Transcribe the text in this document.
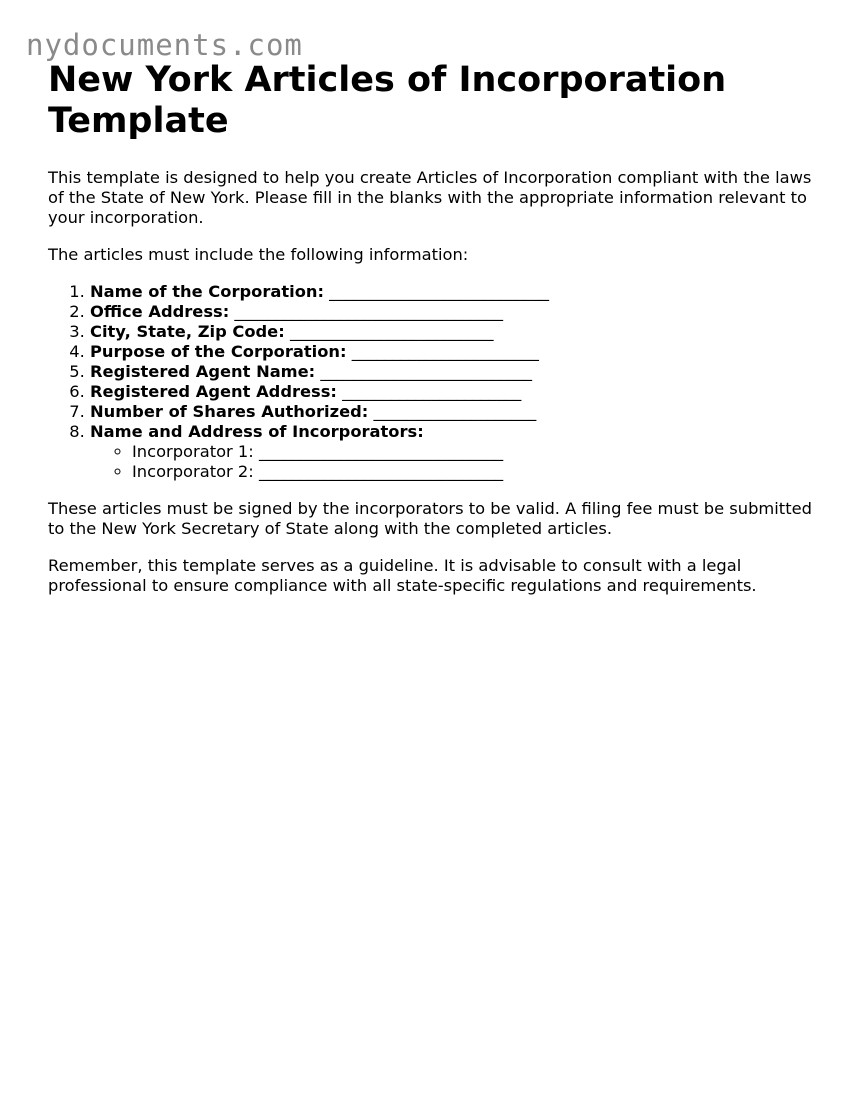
nydocuments.com
New York Articles of Incorporation Template

This template is designed to help you create Articles of Incorporation compliant with the laws of the State of New York. Please fill in the blanks with the appropriate information relevant to your incorporation.

The articles must include the following information:

1. Name of the Corporation: ___________________________
2. Office Address: _________________________________
3. City, State, Zip Code: _________________________
4. Purpose of the Corporation: _______________________
5. Registered Agent Name: __________________________
6. Registered Agent Address: ______________________
7. Number of Shares Authorized: ____________________
8. Name and Address of Incorporators:
◦ Incorporator 1: ______________________________
◦ Incorporator 2: ______________________________

These articles must be signed by the incorporators to be valid. A filing fee must be submitted to the New York Secretary of State along with the completed articles.

Remember, this template serves as a guideline. It is advisable to consult with a legal professional to ensure compliance with all state-specific regulations and requirements.
